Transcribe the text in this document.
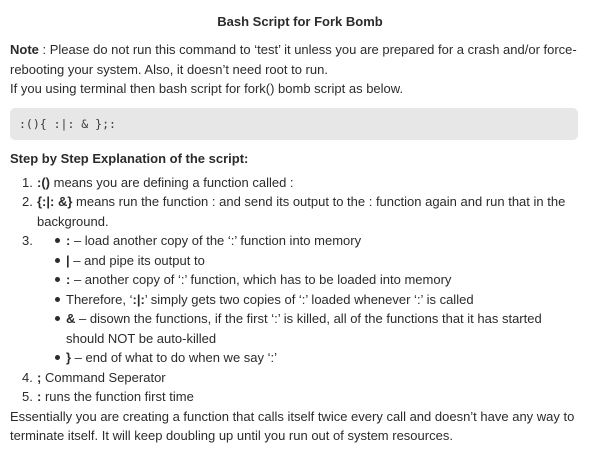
Bash Script for Fork Bomb

Note : Please do not run this command to ‘test’ it unless you are prepared for a crash and/or force-rebooting your system. Also, it doesn’t need root to run.

If you using terminal then bash script for fork() bomb script as below.

:(){ :|: & };:
Step by Step Explanation of the script:
1. :() means you are defining a function called :
2. {:|: &} means run the function : and send its output to the : function again and run that in the background.
3.	: – load another copy of the ‘:’ function into memory
| – and pipe its output to
: – another copy of ‘:’ function, which has to be loaded into memory
Therefore, ‘:|:’ simply gets two copies of ‘:’ loaded whenever ‘:’ is called
& – disown the functions, if the first ‘:’ is killed, all of the functions that it has started should NOT be auto-killed
} – end of what to do when we say ‘:’
4. ; Command Seperator
5. : runs the function first time

Essentially you are creating a function that calls itself twice every call and doesn’t have any way to terminate itself. It will keep doubling up until you run out of system resources.
